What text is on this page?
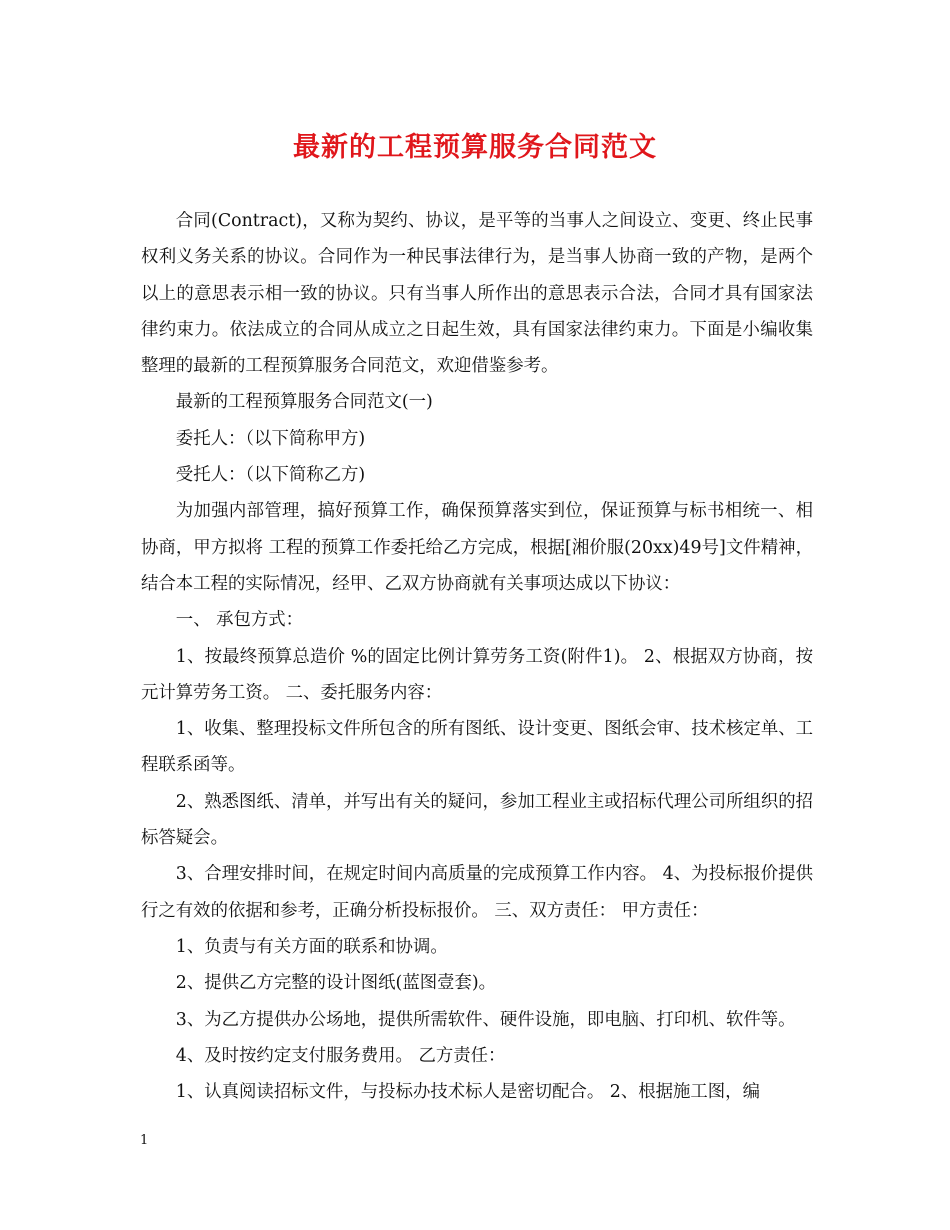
最新的工程预算服务合同范文

合同(Contract)，又称为契约、协议，是平等的当事人之间设立、变更、终止民事权利义务关系的协议。合同作为一种民事法律行为，是当事人协商一致的产物，是两个以上的意思表示相一致的协议。只有当事人所作出的意思表示合法，合同才具有国家法律约束力。依法成立的合同从成立之日起生效，具有国家法律约束力。下面是小编收集整理的最新的工程预算服务合同范文，欢迎借鉴参考。

最新的工程预算服务合同范文(一)

委托人：（以下简称甲方)

受托人：（以下简称乙方)

为加强内部管理，搞好预算工作，确保预算落实到位，保证预算与标书相统一、相协商，甲方拟将 工程的预算工作委托给乙方完成，根据[湘价服(20xx)49号]文件精神，结合本工程的实际情况，经甲、乙双方协商就有关事项达成以下协议：

一、 承包方式：

1、按最终预算总造价 %的固定比例计算劳务工资(附件1)。 2、根据双方协商，按 元计算劳务工资。 二、委托服务内容：

1、收集、整理投标文件所包含的所有图纸、设计变更、图纸会审、技术核定单、工程联系函等。

2、熟悉图纸、清单，并写出有关的疑问，参加工程业主或招标代理公司所组织的招标答疑会。

3、合理安排时间，在规定时间内高质量的完成预算工作内容。 4、为投标报价提供行之有效的依据和参考，正确分析投标报价。 三、双方责任： 甲方责任：

1、负责与有关方面的联系和协调。

2、提供乙方完整的设计图纸(蓝图壹套)。

3、为乙方提供办公场地，提供所需软件、硬件设施，即电脑、打印机、软件等。

4、及时按约定支付服务费用。 乙方责任：

1、认真阅读招标文件，与投标办技术标人是密切配合。 2、根据施工图，编

1
